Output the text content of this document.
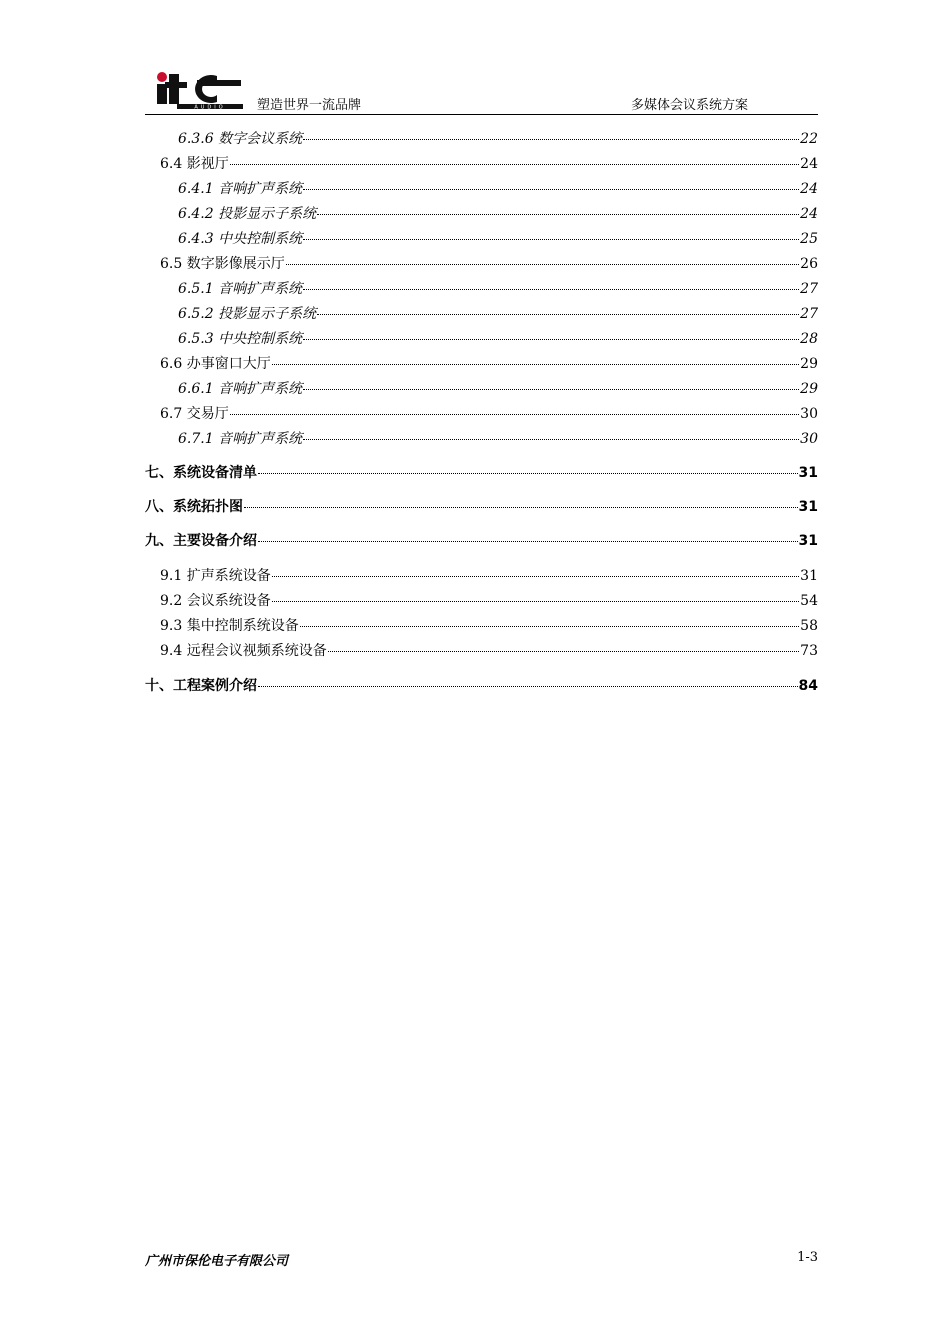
AUDIO 塑造世界一流品牌	多媒体会议系统方案
6.3.6 数字会议系统	22
6.4 影视厅	24
6.4.1 音响扩声系统	24
6.4.2 投影显示子系统	24
6.4.3 中央控制系统	25
6.5 数字影像展示厅	26
6.5.1 音响扩声系统	27
6.5.2 投影显示子系统	27
6.5.3 中央控制系统	28
6.6 办事窗口大厅	29
6.6.1 音响扩声系统	29
6.7 交易厅	30
6.7.1 音响扩声系统	30
七、系统设备清单	31
八、系统拓扑图	31
九、主要设备介绍	31
9.1 扩声系统设备	31
9.2 会议系统设备	54
9.3 集中控制系统设备	58
9.4 远程会议视频系统设备	73
十、工程案例介绍	84
广州市保伦电子有限公司	1-3
